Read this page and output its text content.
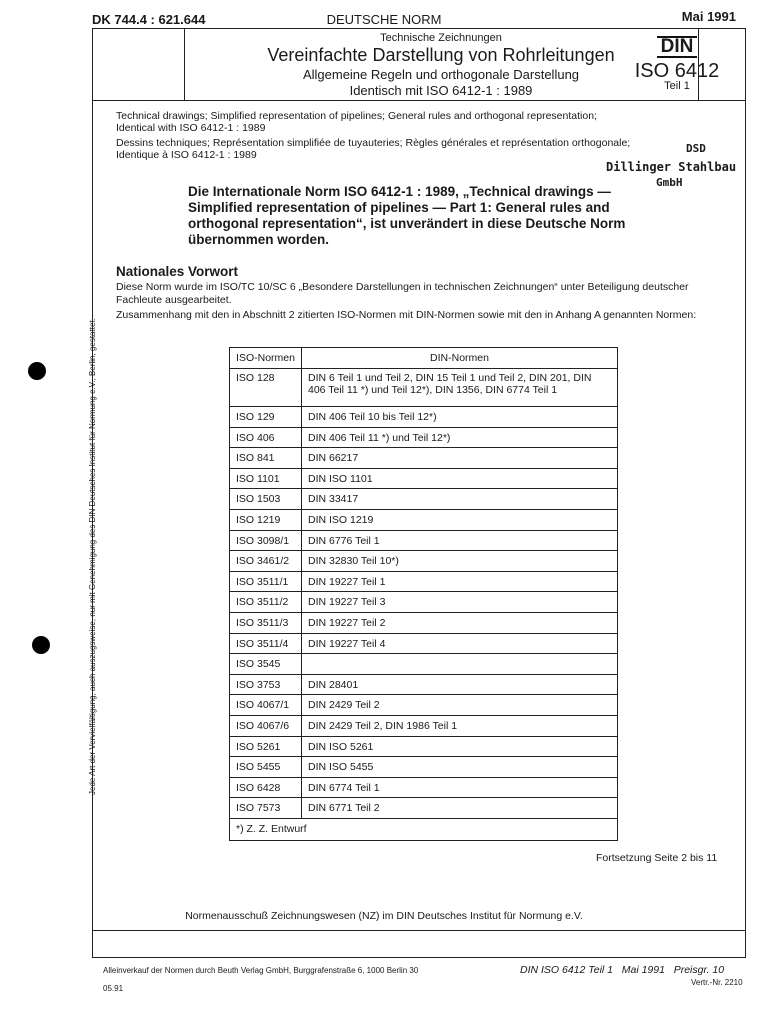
DK 744.4 : 621.644	DEUTSCHE NORM	Mai 1991
Technische Zeichnungen
Vereinfachte Darstellung von Rohrleitungen
Allgemeine Regeln und orthogonale Darstellung
Identisch mit ISO 6412-1 : 1989
DIN
ISO 6412
Teil 1
Technical drawings; Simplified representation of pipelines; General rules and orthogonal representation;
Identical with ISO 6412-1 : 1989
Dessins techniques; Représentation simplifiée de tuyauteries; Règles générales et représentation orthogonale;
Identique à ISO 6412-1 : 1989	DSD
Dillinger Stahlbau
GmbH
Die Internationale Norm ISO 6412-1 : 1989, „Technical drawings — Simplified representation of pipelines — Part 1: General rules and orthogonal representation“, ist unverändert in diese Deutsche Norm übernommen worden.
Nationales Vorwort
Diese Norm wurde im ISO/TC 10/SC 6 „Besondere Darstellungen in technischen Zeichnungen“ unter Beteiligung deutscher Fachleute ausgearbeitet.
Zusammenhang mit den in Abschnitt 2 zitierten ISO-Normen mit DIN-Normen sowie mit den in Anhang A genannten Normen:
ISO-Normen	DIN-Normen
ISO 128	DIN 6 Teil 1 und Teil 2, DIN 15 Teil 1 und Teil 2, DIN 201, DIN 406 Teil 11 *) und Teil 12*), DIN 1356, DIN 6774 Teil 1
ISO 129	DIN 406 Teil 10 bis Teil 12*)
ISO 406	DIN 406 Teil 11 *) und Teil 12*)
ISO 841	DIN 66217
ISO 1101	DIN ISO 1101
ISO 1503	DIN 33417
ISO 1219	DIN ISO 1219
ISO 3098/1	DIN 6776 Teil 1
ISO 3461/2	DIN 32830 Teil 10*)
ISO 3511/1	DIN 19227 Teil 1
ISO 3511/2	DIN 19227 Teil 3
ISO 3511/3	DIN 19227 Teil 2
ISO 3511/4	DIN 19227 Teil 4
ISO 3545	
ISO 3753	DIN 28401
ISO 4067/1	DIN 2429 Teil 2
ISO 4067/6	DIN 2429 Teil 2, DIN 1986 Teil 1
ISO 5261	DIN ISO 5261
ISO 5455	DIN ISO 5455
ISO 6428	DIN 6774 Teil 1
ISO 7573	DIN 6771 Teil 2
*) Z. Z. Entwurf	
Fortsetzung Seite 2 bis 11
Normenausschuß Zeichnungswesen (NZ) im DIN Deutsches Institut für Normung e.V.
Alleinverkauf der Normen durch Beuth Verlag GmbH, Burggrafenstraße 6, 1000 Berlin 30
05.91
DIN ISO 6412 Teil 1   Mai 1991   Preisgr. 10
Vertr.-Nr. 2210
Jede Art der Vervielfältigung, auch auszugsweise, nur mit Genehmigung des DIN Deutsches Institut für Normung e.V., Berlin, gestattet.
